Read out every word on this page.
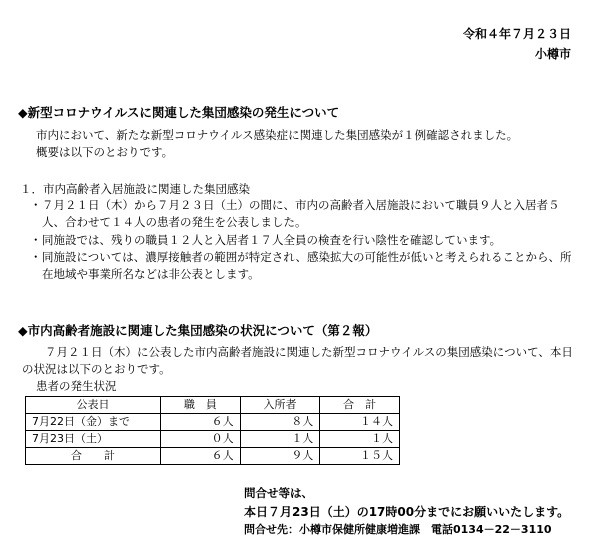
令和４年７月２３日
小樽市
◆新型コロナウイルスに関連した集団感染の発生について
市内において、新たな新型コロナウイルス感染症に関連した集団感染が１例確認されました。
概要は以下のとおりです。
１．市内高齢者入居施設に関連した集団感染
・ ７月２１日（木）から７月２３日（土）の間に、市内の高齢者入居施設において職員９人と入居者５人、合わせて１４人の患者の発生を公表しました。
・ 同施設では、残りの職員１２人と入居者１７人全員の検査を行い陰性を確認しています。
・ 同施設については、濃厚接触者の範囲が特定され、感染拡大の可能性が低いと考えられることから、所在地域や事業所名などは非公表とします。
◆市内高齢者施設に関連した集団感染の状況について（第２報）
７月２１日（木）に公表した市内高齢者施設に関連した新型コロナウイルスの集団感染について、本日の状況は以下のとおりです。
患者の発生状況
公表日	職　員	入所者	合　計
7月22日（金）まで	６人	８人	１４人
7月23日（土）	０人	１人	１人
合　　計	６人	９人	１５人
問合せ等は、
本日７月23日（土）の17時00分までにお願いいたします。
問合せ先：小樽市保健所健康増進課　電話0134－22－3110
